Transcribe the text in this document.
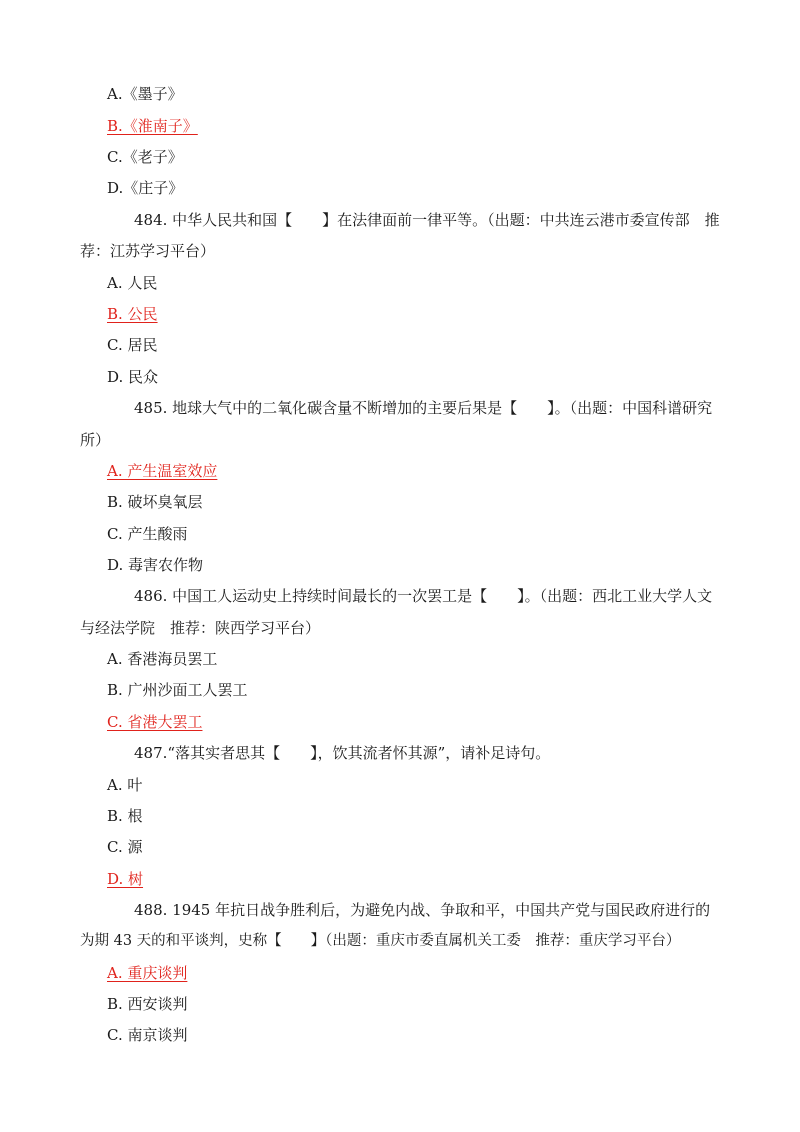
A.《墨子》
B.《淮南子》
C.《老子》
D.《庄子》
484. 中华人民共和国【　　】在法律面前一律平等。（出题：中共连云港市委宣传部　推
荐：江苏学习平台）
A. 人民
B. 公民
C. 居民
D. 民众
485. 地球大气中的二氧化碳含量不断增加的主要后果是【　　】。（出题：中国科谱研究
所）
A. 产生温室效应
B. 破坏臭氧层
C. 产生酸雨
D. 毒害农作物
486. 中国工人运动史上持续时间最长的一次罢工是【　　】。（出题：西北工业大学人文
与经法学院　推荐：陕西学习平台）
A. 香港海员罢工
B. 广州沙面工人罢工
C. 省港大罢工
487.“落其实者思其【　　】，饮其流者怀其源”，请补足诗句。
A. 叶
B. 根
C. 源
D. 树
488. 1945 年抗日战争胜利后，为避免内战、争取和平，中国共产党与国民政府进行的
为期 43 天的和平谈判，史称【　　】（出题：重庆市委直属机关工委　推荐：重庆学习平台）
A. 重庆谈判
B. 西安谈判
C. 南京谈判
